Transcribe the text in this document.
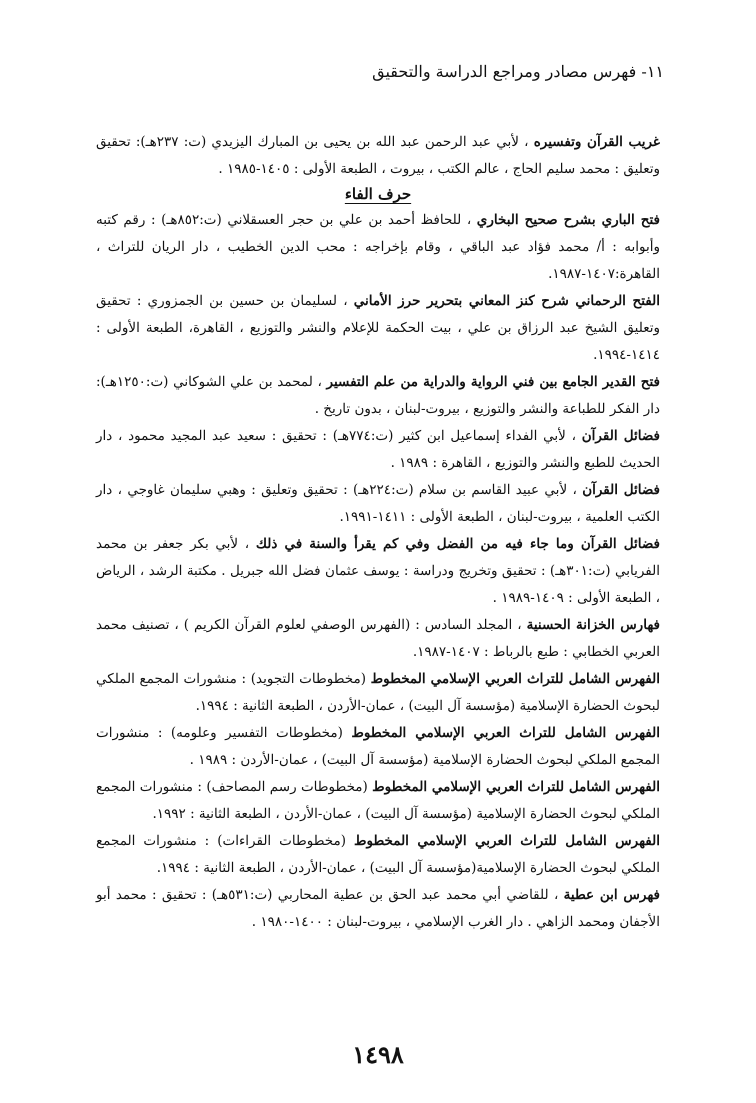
١١- فهرس مصادر ومراجع الدراسة والتحقيق

غريب القرآن وتفسيره ، لأبي عبد الرحمن عبد الله بن يحيى بن المبارك اليزيدي (ت: ٢٣٧هـ): تحقيق وتعليق : محمد سليم الحاج ، عالم الكتب ، بيروت ، الطبعة الأولى : ١٤٠٥-١٩٨٥ .

حرف الفاء

فتح الباري بشرح صحيح البخاري ، للحافظ أحمد بن علي بن حجر العسقلاني (ت:٨٥٢هـ) : رقم كتبه وأبوابه : أ/ محمد فؤاد عبد الباقي ، وقام بإخراجه : محب الدين الخطيب ، دار الريان للتراث ، القاهرة:١٤٠٧-١٩٨٧.

الفتح الرحماني شرح كنز المعاني بتحرير حرز الأماني ، لسليمان بن حسين بن الجمزوري : تحقيق وتعليق الشيخ عبد الرزاق بن علي ، بيت الحكمة للإعلام والنشر والتوزيع ، القاهرة، الطبعة الأولى : ١٤١٤-١٩٩٤.

فتح القدير الجامع بين فني الرواية والدراية من علم التفسير ، لمحمد بن علي الشوكاني (ت:١٢٥٠هـ): دار الفكر للطباعة والنشر والتوزيع ، بيروت-لبنان ، بدون تاريخ .

فضائل القرآن ، لأبي الفداء إسماعيل ابن كثير (ت:٧٧٤هـ) : تحقيق : سعيد عبد المجيد محمود ، دار الحديث للطبع والنشر والتوزيع ، القاهرة : ١٩٨٩ .

فضائل القرآن ، لأبي عبيد القاسم بن سلام (ت:٢٢٤هـ) : تحقيق وتعليق : وهبي سليمان غاوجي ، دار الكتب العلمية ، بيروت-لبنان ، الطبعة الأولى : ١٤١١-١٩٩١.

فضائل القرآن وما جاء فيه من الفضل وفي كم يقرأ والسنة في ذلك ، لأبي بكر جعفر بن محمد الفريابي (ت:٣٠١هـ) : تحقيق وتخريج ودراسة : يوسف عثمان فضل الله جبريل . مكتبة الرشد ، الرياض ، الطبعة الأولى : ١٤٠٩-١٩٨٩ .

فهارس الخزانة الحسنية ، المجلد السادس : (الفهرس الوصفي لعلوم القرآن الكريم ) ، تصنيف محمد العربي الخطابي : طبع بالرباط : ١٤٠٧-١٩٨٧.

الفهرس الشامل للتراث العربي الإسلامي المخطوط (مخطوطات التجويد) : منشورات المجمع الملكي لبحوث الحضارة الإسلامية (مؤسسة آل البيت) ، عمان-الأردن ، الطبعة الثانية : ١٩٩٤.

الفهرس الشامل للتراث العربي الإسلامي المخطوط (مخطوطات التفسير وعلومه) : منشورات المجمع الملكي لبحوث الحضارة الإسلامية (مؤسسة آل البيت) ، عمان-الأردن : ١٩٨٩ .

الفهرس الشامل للتراث العربي الإسلامي المخطوط (مخطوطات رسم المصاحف) : منشورات المجمع الملكي لبحوث الحضارة الإسلامية (مؤسسة آل البيت) ، عمان-الأردن ، الطبعة الثانية : ١٩٩٢.

الفهرس الشامل للتراث العربي الإسلامي المخطوط (مخطوطات القراءات) : منشورات المجمع الملكي لبحوث الحضارة الإسلامية(مؤسسة آل البيت) ، عمان-الأردن ، الطبعة الثانية : ١٩٩٤.

فهرس ابن عطية ، للقاضي أبي محمد عبد الحق بن عطية المحاربي (ت:٥٣١هـ) : تحقيق : محمد أبو الأجفان ومحمد الزاهي . دار الغرب الإسلامي ، بيروت-لبنان : ١٤٠٠-١٩٨٠ .

١٤٩٨
